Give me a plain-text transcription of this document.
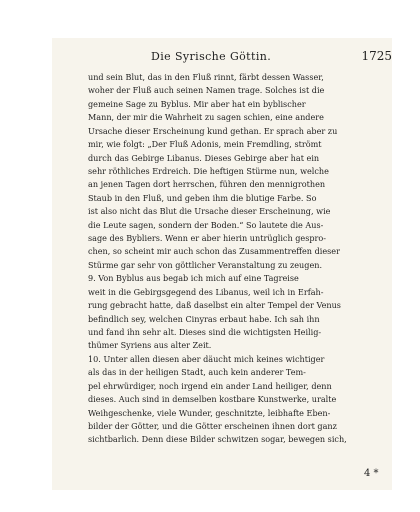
Die Syrische Göttin.	1725
und sein Blut, das in den Fluß rinnt, färbt dessen Wasser,
woher der Fluß auch seinen Namen trage. Solches ist die
gemeine Sage zu Byblus. Mir aber hat ein byblischer
Mann, der mir die Wahrheit zu sagen schien, eine andere
Ursache dieser Erscheinung kund gethan. Er sprach aber zu
mir, wie folgt: „Der Fluß Adonis, mein Fremdling, strömt
durch das Gebirge Libanus. Dieses Gebirge aber hat ein
sehr röthliches Erdreich. Die heftigen Stürme nun, welche
an jenen Tagen dort herrschen, führen den mennigrothen
Staub in den Fluß, und geben ihm die blutige Farbe. So
ist also nicht das Blut die Ursache dieser Erscheinung, wie
die Leute sagen, sondern der Boden.“ So lautete die Aus-
sage des Bybliers. Wenn er aber hierin untrüglich gespro-
chen, so scheint mir auch schon das Zusammentreffen dieser
Stürme gar sehr von göttlicher Veranstaltung zu zeugen.
9. Von Byblus aus begab ich mich auf eine Tagreise
weit in die Gebirgsgegend des Libanus, weil ich in Erfah-
rung gebracht hatte, daß daselbst ein alter Tempel der Venus
befindlich sey, welchen Cinyras erbaut habe. Ich sah ihn
und fand ihn sehr alt. Dieses sind die wichtigsten Heilig-
thümer Syriens aus alter Zeit.
10. Unter allen diesen aber däucht mich keines wichtiger
als das in der heiligen Stadt, auch kein anderer Tem-
pel ehrwürdiger, noch irgend ein ander Land heiliger, denn
dieses. Auch sind in demselben kostbare Kunstwerke, uralte
Weihgeschenke, viele Wunder, geschnitzte, leibhafte Eben-
bilder der Götter, und die Götter erscheinen ihnen dort ganz
sichtbarlich. Denn diese Bilder schwitzen sogar, bewegen sich,
4 *
